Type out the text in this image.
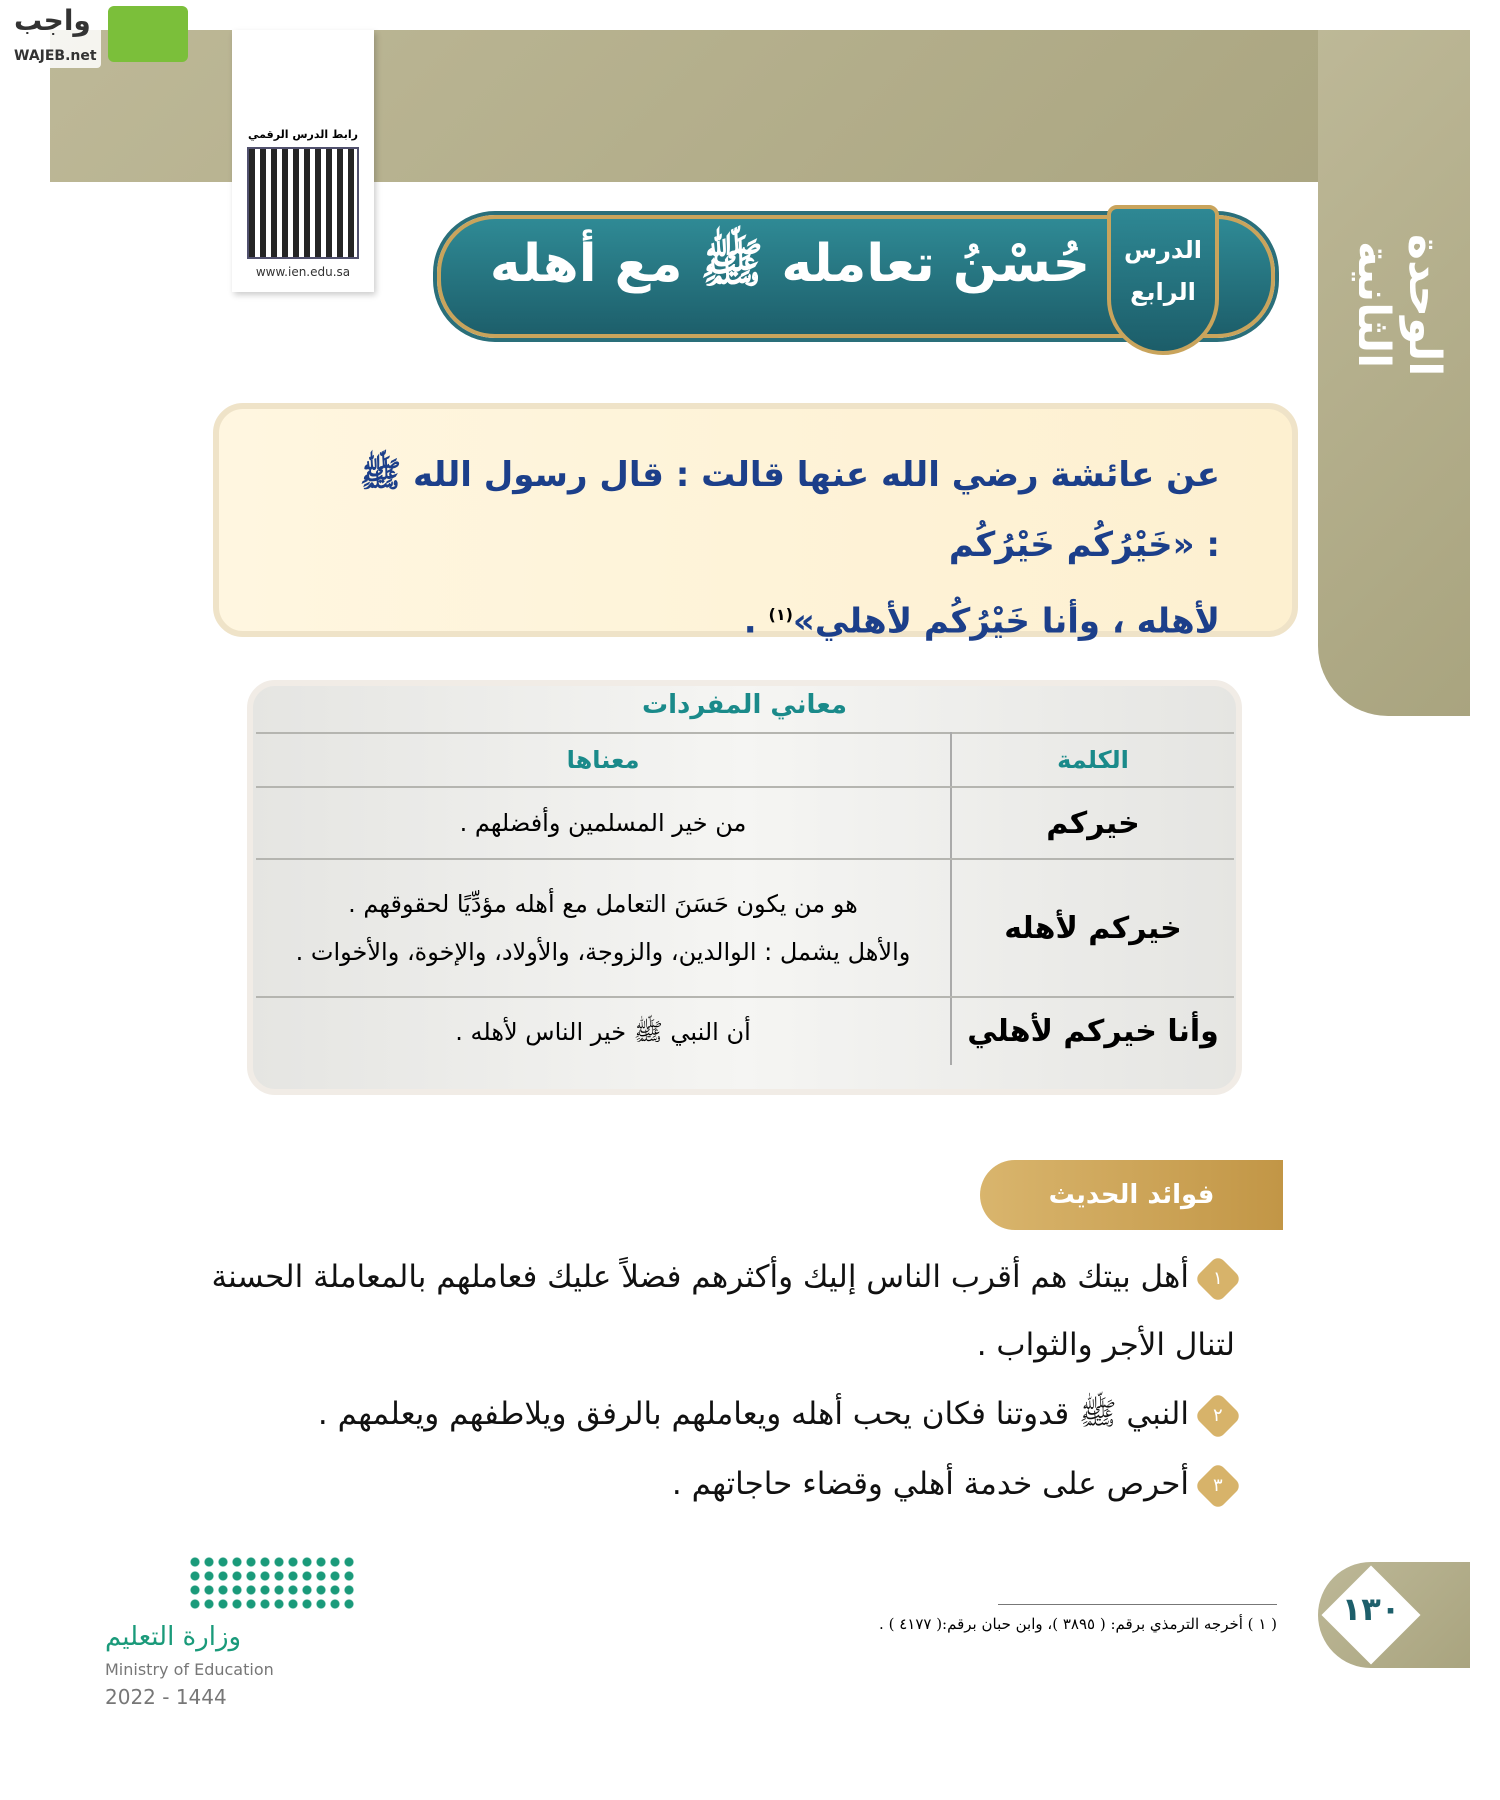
الوحدة الثانية
واجب
WAJEB.net
رابط الدرس الرقمي
www.ien.edu.sa	حُسْنُ تعامله ﷺ مع أهله	الدرس
الرابع
عن عائشة رضي الله عنها قالت : قال رسول الله ﷺ : «خَيْرُكُم خَيْرُكُم
لأهله ، وأنا خَيْرُكُم لأهلي»$^{(١)}$ .
معاني المفردات
الكلمة	معناها
خيركم	من خير المسلمين وأفضلهم .
خيركم لأهله	هو من يكون حَسَنَ التعامل مع أهله مؤدِّيًا لحقوقهم .
والأهل يشمل : الوالدين، والزوجة، والأولاد، والإخوة، والأخوات .

وأنا خيركم لأهلي	أن النبي ﷺ خير الناس لأهله .
فوائد الحديث
١أهل بيتك هم أقرب الناس إليك وأكثرهم فضلاً عليك فعاملهم بالمعاملة الحسنة لتنال الأجر والثواب .
٢النبي ﷺ قدوتنا فكان يحب أهله ويعاملهم بالرفق ويلاطفهم ويعلمهم .
٣أحرص على خدمة أهلي وقضاء حاجاتهم .
١٣٠
( ١ ) أخرجه الترمذي برقم: ( ٣٨٩٥ )، وابن حبان برقم:( ٤١٧٧ ) .
وزارة التعليم
Ministry of Education
2022 - 1444
